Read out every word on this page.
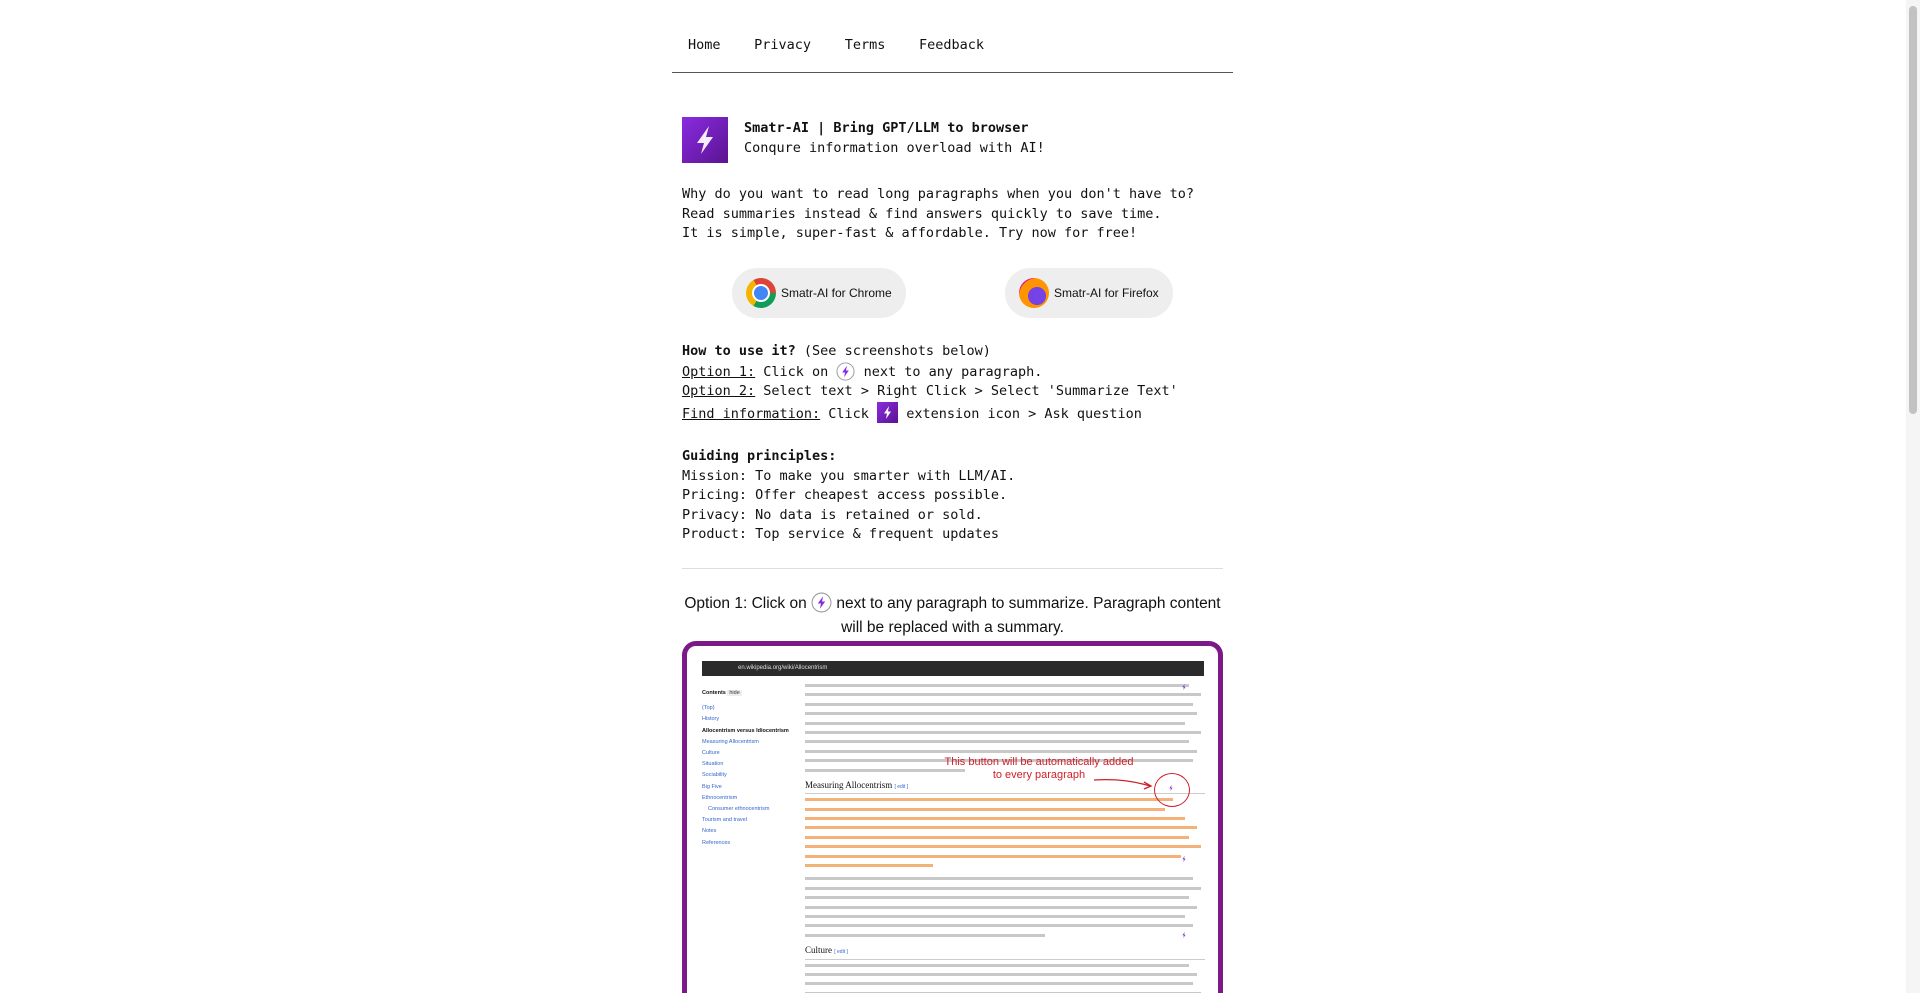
Home Privacy Terms Feedback
Smatr-AI | Bring GPT/LLM to browser
Conqure information overload with AI!
Why do you want to read long paragraphs when you don't have to?
Read summaries instead & find answers quickly to save time.
It is simple, super-fast & affordable. Try now for free!
Smatr-AI for Chrome	Smatr-AI for Firefox
How to use it? (See screenshots below)
Option 1: Click on  next to any paragraph.
Option 2: Select text > Right Click > Select 'Summarize Text'
Find information: Click  extension icon > Ask question
Guiding principles:
Mission: To make you smarter with LLM/AI.
Pricing: Offer cheapest access possible.
Privacy: No data is retained or sold.
Product: Top service & frequent updates
Option 1: Click on  next to any paragraph to summarize. Paragraph content will be replaced with a summary.
en.wikipedia.org/wiki/Allocentrism
Contents hide
(Top)
History
Allocentrism versus Idiocentrism
Measuring Allocentrism
Culture
Situation
Sociability
Big Five
Ethnocentrism
Consumer ethnocentrism
Tourism and travel
Notes
References
Measuring Allocentrism [ edit ]
Culture [ edit ]
This button will be automatically added to every paragraph
